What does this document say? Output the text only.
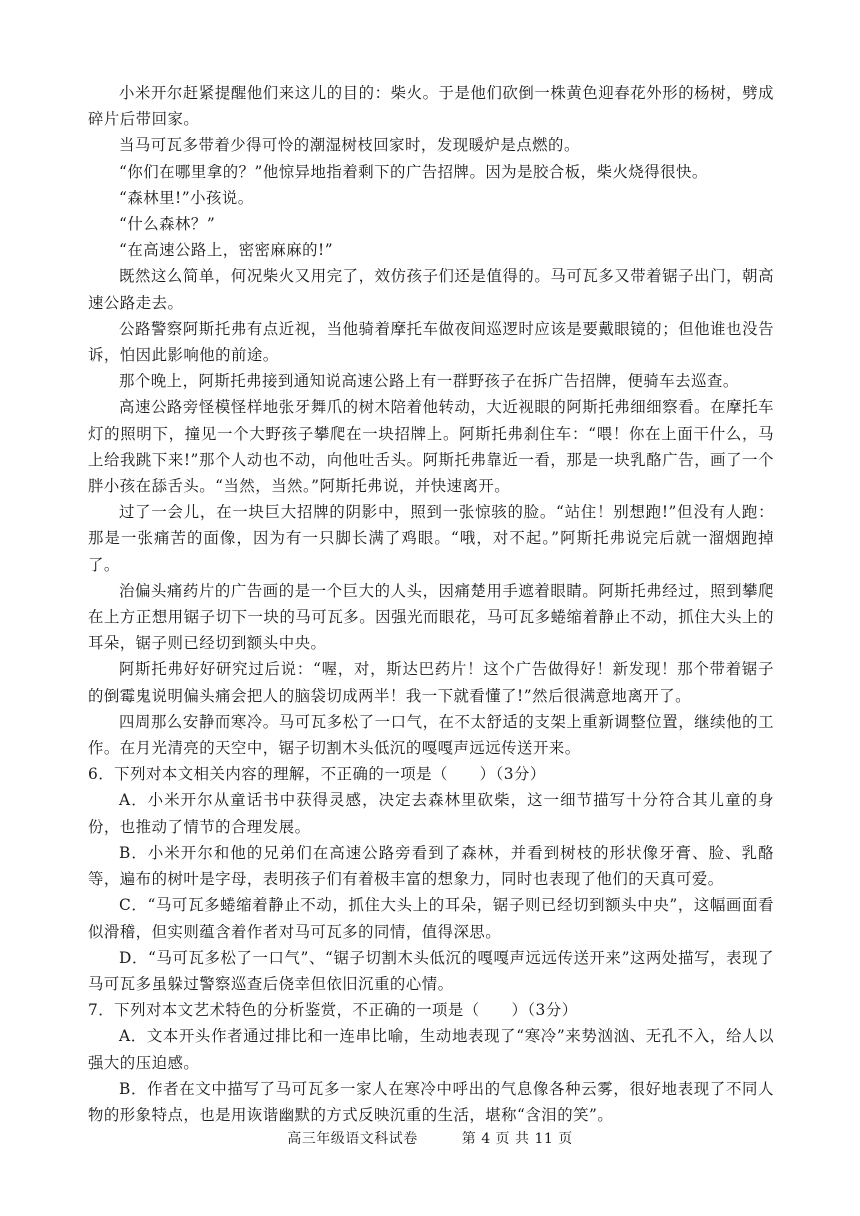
小米开尔赶紧提醒他们来这儿的目的：柴火。于是他们砍倒一株黄色迎春花外形的杨树，劈成碎片后带回家。

当马可瓦多带着少得可怜的潮湿树枝回家时，发现暖炉是点燃的。

“你们在哪里拿的？”他惊异地指着剩下的广告招牌。因为是胶合板，柴火烧得很快。

“森林里!”小孩说。

“什么森林？”

“在高速公路上，密密麻麻的!”

既然这么简单，何况柴火又用完了，效仿孩子们还是值得的。马可瓦多又带着锯子出门，朝高速公路走去。

公路警察阿斯托弗有点近视，当他骑着摩托车做夜间巡逻时应该是要戴眼镜的；但他谁也没告诉，怕因此影响他的前途。

那个晚上，阿斯托弗接到通知说高速公路上有一群野孩子在拆广告招牌，便骑车去巡查。

高速公路旁怪模怪样地张牙舞爪的树木陪着他转动，大近视眼的阿斯托弗细细察看。在摩托车灯的照明下，撞见一个大野孩子攀爬在一块招牌上。阿斯托弗刹住车：“喂！你在上面干什么，马上给我跳下来!”那个人动也不动，向他吐舌头。阿斯托弗靠近一看，那是一块乳酪广告，画了一个胖小孩在舔舌头。“当然，当然。”阿斯托弗说，并快速离开。

过了一会儿，在一块巨大招牌的阴影中，照到一张惊骇的脸。“站住！别想跑!”但没有人跑：那是一张痛苦的面像，因为有一只脚长满了鸡眼。“哦，对不起。”阿斯托弗说完后就一溜烟跑掉了。

治偏头痛药片的广告画的是一个巨大的人头，因痛楚用手遮着眼睛。阿斯托弗经过，照到攀爬在上方正想用锯子切下一块的马可瓦多。因强光而眼花，马可瓦多蜷缩着静止不动，抓住大头上的耳朵，锯子则已经切到额头中央。

阿斯托弗好好研究过后说：“喔，对，斯达巴药片！这个广告做得好！新发现！那个带着锯子的倒霉鬼说明偏头痛会把人的脑袋切成两半！我一下就看懂了!”然后很满意地离开了。

四周那么安静而寒冷。马可瓦多松了一口气，在不太舒适的支架上重新调整位置，继续他的工作。在月光清亮的天空中，锯子切割木头低沉的嘎嘎声远远传送开来。

6．下列对本文相关内容的理解，不正确的一项是（　　）（3分）

A．小米开尔从童话书中获得灵感，决定去森林里砍柴，这一细节描写十分符合其儿童的身份，也推动了情节的合理发展。

B．小米开尔和他的兄弟们在高速公路旁看到了森林，并看到树枝的形状像牙膏、脸、乳酪等，遍布的树叶是字母，表明孩子们有着极丰富的想象力，同时也表现了他们的天真可爱。

C．“马可瓦多蜷缩着静止不动，抓住大头上的耳朵，锯子则已经切到额头中央”，这幅画面看似滑稽，但实则蕴含着作者对马可瓦多的同情，值得深思。

D．“马可瓦多松了一口气”、“锯子切割木头低沉的嘎嘎声远远传送开来”这两处描写，表现了马可瓦多虽躲过警察巡查后侥幸但依旧沉重的心情。

7．下列对本文艺术特色的分析鉴赏，不正确的一项是（　　）（3分）

A．文本开头作者通过排比和一连串比喻，生动地表现了“寒冷”来势汹汹、无孔不入，给人以强大的压迫感。

B．作者在文中描写了马可瓦多一家人在寒冷中呼出的气息像各种云雾，很好地表现了不同人物的形象特点，也是用诙谐幽默的方式反映沉重的生活，堪称“含泪的笑”。

高三年级语文科试卷	第 4 页 共 11 页
